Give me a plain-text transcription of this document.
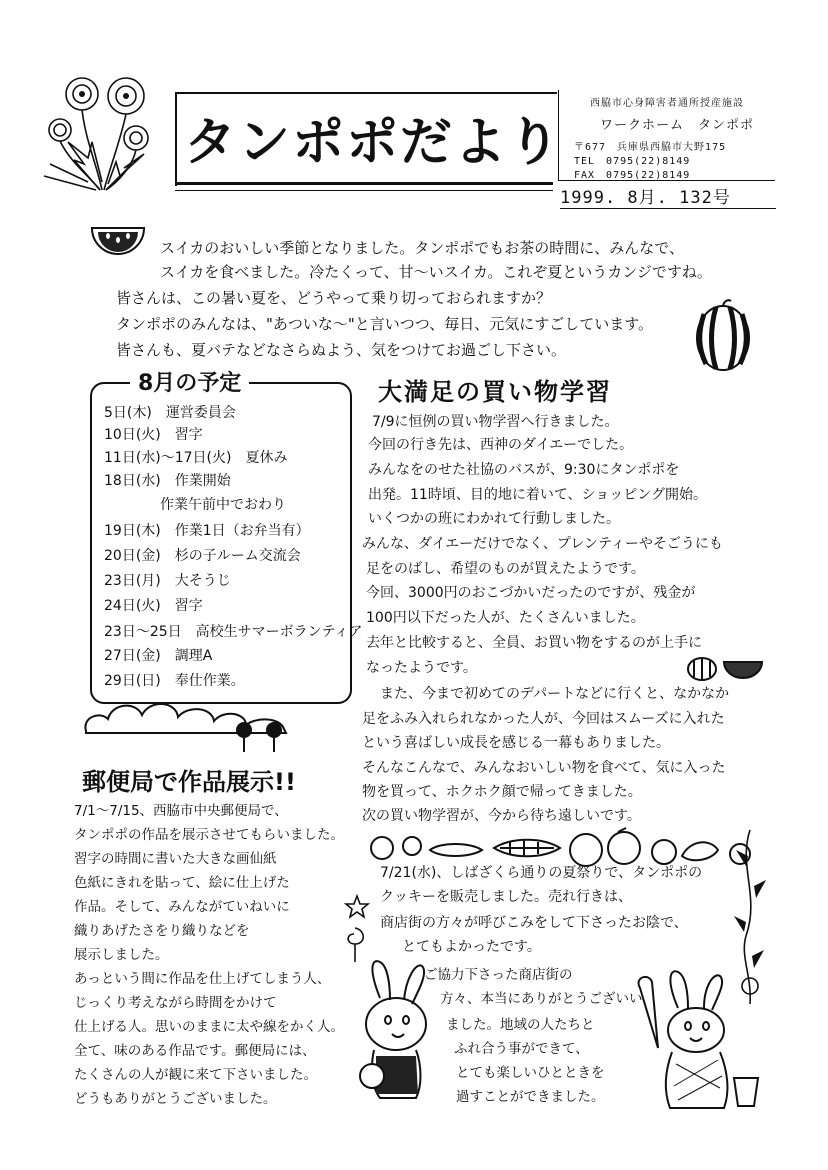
タンポポだより
西脇市心身障害者通所授産施設
ワークホーム　タンポポ
〒677　兵庫県西脇市大野175
TEL　0795(22)8149
FAX　0795(22)8149
1999. 8月. 132号
スイカのおいしい季節となりました。タンポポでもお茶の時間に、みんなで、
スイカを食べました。冷たくって、甘〜いスイカ。これぞ夏というカンジですね。
皆さんは、この暑い夏を、どうやって乗り切っておられますか？
タンポポのみんなは、"あついな〜"と言いつつ、毎日、元気にすごしています。
皆さんも、夏バテなどなさらぬよう、気をつけてお過ごし下さい。
8月の予定
5日(木)　運営委員会
10日(火)　習字
11日(水)〜17日(火)　夏休み
18日(水)　作業開始
　　　　作業午前中でおわり
19日(木)　作業1日（お弁当有）
20日(金)　杉の子ルーム交流会
23日(月)　大そうじ
24日(火)　習字
23日〜25日　高校生サマーボランティア
27日(金)　調理A
29日(日)　奉仕作業。
大満足の買い物学習
7/9に恒例の買い物学習へ行きました。
今回の行き先は、西神のダイエーでした。
みんなをのせた社協のバスが、9:30にタンポポを
出発。11時頃、目的地に着いて、ショッピング開始。
いくつかの班にわかれて行動しました。
みんな、ダイエーだけでなく、プレンティーやそごうにも
足をのばし、希望のものが買えたようです。
今回、3000円のおこづかいだったのですが、残金が
100円以下だった人が、たくさんいました。
去年と比較すると、全員、お買い物をするのが上手に
なったようです。
　また、今まで初めてのデパートなどに行くと、なかなか
足をふみ入れられなかった人が、今回はスムーズに入れた
という喜ばしい成長を感じる一幕もありました。
そんなこんなで、みんなおいしい物を食べて、気に入った
物を買って、ホクホク顔で帰ってきました。
次の買い物学習が、今から待ち遠しいです。
郵便局で作品展示!!
7/1〜7/15、西脇市中央郵便局で、
タンポポの作品を展示させてもらいました。
習字の時間に書いた大きな画仙紙
色紙にきれを貼って、絵に仕上げた
作品。そして、みんながていねいに
織りあげたさをり織りなどを
展示しました。
あっという間に作品を仕上げてしまう人、
じっくり考えながら時間をかけて
仕上げる人。思いのままに太や線をかく人。
全て、味のある作品です。郵便局には、
たくさんの人が観に来て下さいました。
どうもありがとうございました。
7/21(水)、しばざくら通りの夏祭りで、タンポポの
クッキーを販売しました。売れ行きは、
商店街の方々が呼びこみをして下さったお陰で、
とてもよかったです。
ご協力下さった商店街の
方々、本当にありがとうございい
ました。地域の人たちと
ふれ合う事ができて、
とても楽しいひとときを
過すことができました。
